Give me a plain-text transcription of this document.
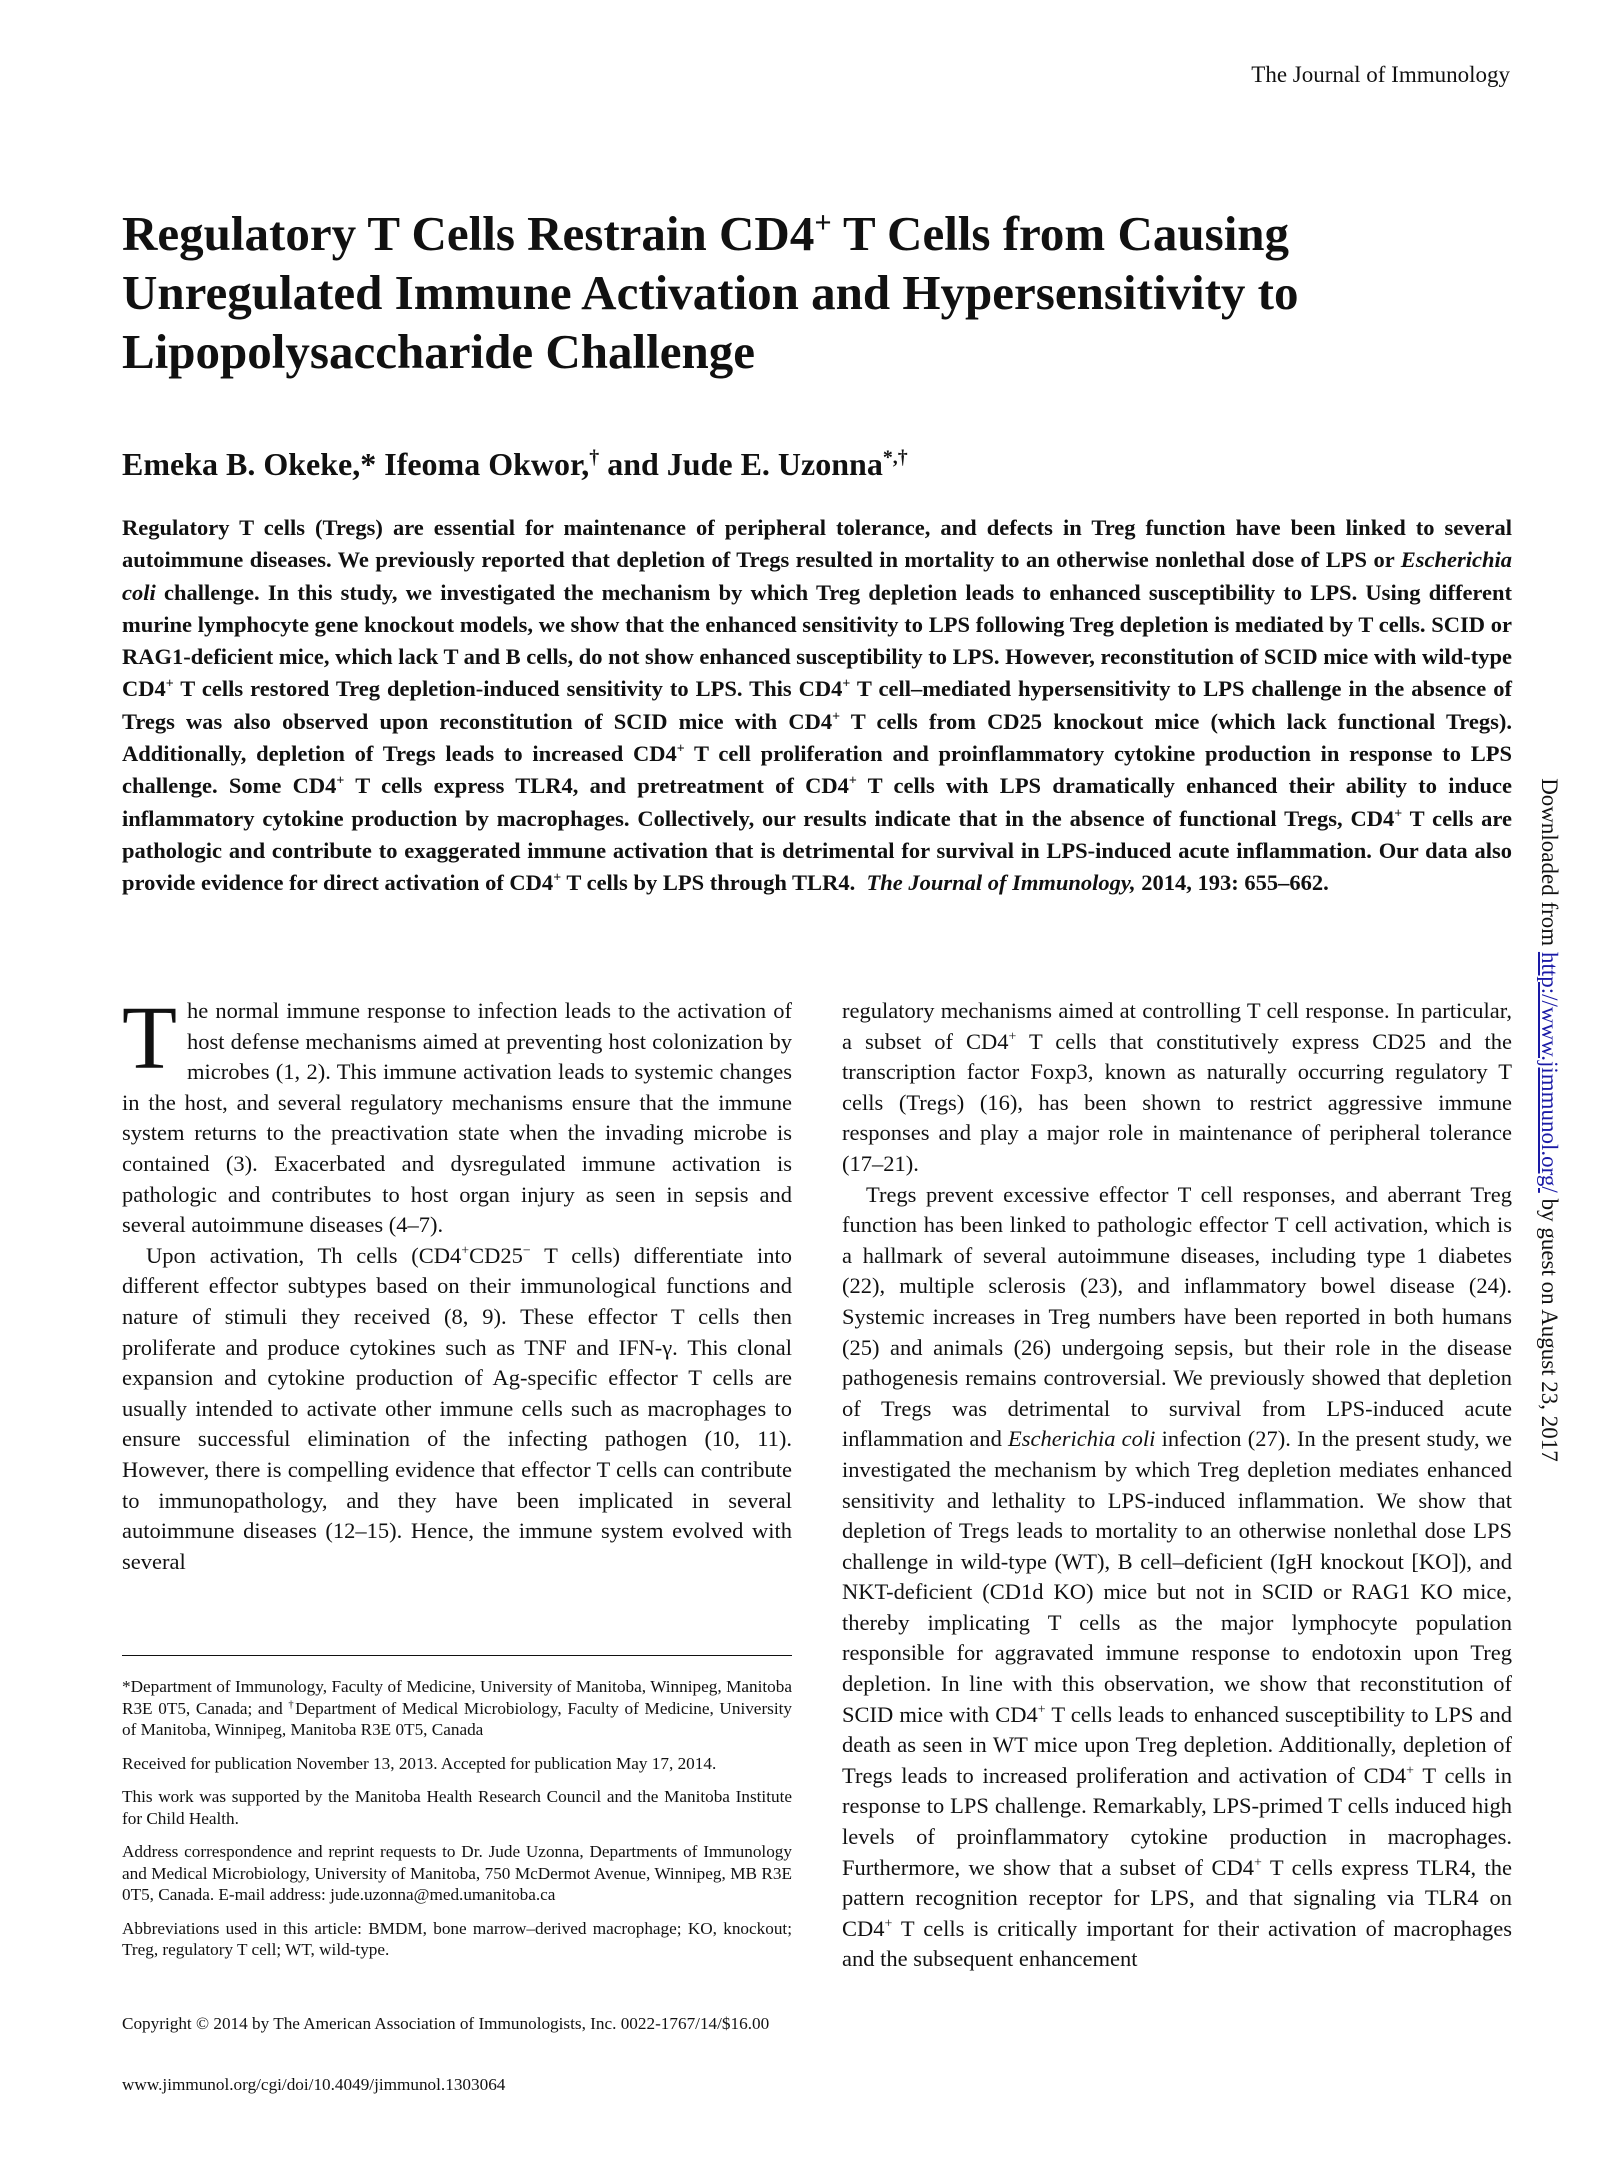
The Journal of Immunology
Regulatory T Cells Restrain CD4+ T Cells from Causing
Unregulated Immune Activation and Hypersensitivity to
Lipopolysaccharide Challenge
Emeka B. Okeke,* Ifeoma Okwor,† and Jude E. Uzonna*,†
Regulatory T cells (Tregs) are essential for maintenance of peripheral tolerance, and defects in Treg function have been linked to several autoimmune diseases. We previously reported that depletion of Tregs resulted in mortality to an otherwise nonlethal dose of LPS or Escherichia coli challenge. In this study, we investigated the mechanism by which Treg depletion leads to enhanced susceptibility to LPS. Using different murine lymphocyte gene knockout models, we show that the enhanced sensitivity to LPS following Treg depletion is mediated by T cells. SCID or RAG1-deficient mice, which lack T and B cells, do not show enhanced susceptibility to LPS. However, reconstitution of SCID mice with wild-type CD4+ T cells restored Treg depletion-induced sensitivity to LPS. This CD4+ T cell–mediated hypersensitivity to LPS challenge in the absence of Tregs was also observed upon reconstitution of SCID mice with CD4+ T cells from CD25 knockout mice (which lack functional Tregs). Additionally, depletion of Tregs leads to increased CD4+ T cell proliferation and proinflammatory cytokine production in response to LPS challenge. Some CD4+ T cells express TLR4, and pretreatment of CD4+ T cells with LPS dramatically enhanced their ability to induce inflammatory cytokine production by macrophages. Collectively, our results indicate that in the absence of functional Tregs, CD4+ T cells are pathologic and contribute to exaggerated immune activation that is detrimental for survival in LPS-induced acute inflammation. Our data also provide evidence for direct activation of CD4+ T cells by LPS through TLR4. The Journal of Immunology, 2014, 193: 655–662.

The normal immune response to infection leads to the activation of host defense mechanisms aimed at preventing host colonization by microbes (1, 2). This immune activation leads to systemic changes in the host, and several regulatory mechanisms ensure that the immune system returns to the preactivation state when the invading microbe is contained (3). Exacerbated and dysregulated immune activation is pathologic and contributes to host organ injury as seen in sepsis and several autoimmune diseases (4–7).

Upon activation, Th cells (CD4+CD25− T cells) differentiate into different effector subtypes based on their immunological functions and nature of stimuli they received (8, 9). These effector T cells then proliferate and produce cytokines such as TNF and IFN-γ. This clonal expansion and cytokine production of Ag-specific effector T cells are usually intended to activate other immune cells such as macrophages to ensure successful elimination of the infecting pathogen (10, 11). However, there is compelling evidence that effector T cells can contribute to immunopathology, and they have been implicated in several autoimmune diseases (12–15). Hence, the immune system evolved with several

regulatory mechanisms aimed at controlling T cell response. In particular, a subset of CD4+ T cells that constitutively express CD25 and the transcription factor Foxp3, known as naturally occurring regulatory T cells (Tregs) (16), has been shown to restrict aggressive immune responses and play a major role in maintenance of peripheral tolerance (17–21).

Tregs prevent excessive effector T cell responses, and aberrant Treg function has been linked to pathologic effector T cell activation, which is a hallmark of several autoimmune diseases, including type 1 diabetes (22), multiple sclerosis (23), and inflammatory bowel disease (24). Systemic increases in Treg numbers have been reported in both humans (25) and animals (26) undergoing sepsis, but their role in the disease pathogenesis remains controversial. We previously showed that depletion of Tregs was detrimental to survival from LPS-induced acute inflammation and Escherichia coli infection (27). In the present study, we investigated the mechanism by which Treg depletion mediates enhanced sensitivity and lethality to LPS-induced inflammation. We show that depletion of Tregs leads to mortality to an otherwise nonlethal dose LPS challenge in wild-type (WT), B cell–deficient (IgH knockout [KO]), and NKT-deficient (CD1d KO) mice but not in SCID or RAG1 KO mice, thereby implicating T cells as the major lymphocyte population responsible for aggravated immune response to endotoxin upon Treg depletion. In line with this observation, we show that reconstitution of SCID mice with CD4+ T cells leads to enhanced susceptibility to LPS and death as seen in WT mice upon Treg depletion. Additionally, depletion of Tregs leads to increased proliferation and activation of CD4+ T cells in response to LPS challenge. Remarkably, LPS-primed T cells induced high levels of proinflammatory cytokine production in macrophages. Furthermore, we show that a subset of CD4+ T cells express TLR4, the pattern recognition receptor for LPS, and that signaling via TLR4 on CD4+ T cells is critically important for their activation of macrophages and the subsequent enhancement

*Department of Immunology, Faculty of Medicine, University of Manitoba, Winnipeg, Manitoba R3E 0T5, Canada; and †Department of Medical Microbiology, Faculty of Medicine, University of Manitoba, Winnipeg, Manitoba R3E 0T5, Canada

Received for publication November 13, 2013. Accepted for publication May 17, 2014.

This work was supported by the Manitoba Health Research Council and the Manitoba Institute for Child Health.

Address correspondence and reprint requests to Dr. Jude Uzonna, Departments of Immunology and Medical Microbiology, University of Manitoba, 750 McDermot Avenue, Winnipeg, MB R3E 0T5, Canada. E-mail address: jude.uzonna@med.umanitoba.ca

Abbreviations used in this article: BMDM, bone marrow–derived macrophage; KO, knockout; Treg, regulatory T cell; WT, wild-type.

Copyright © 2014 by The American Association of Immunologists, Inc. 0022-1767/14/$16.00
www.jimmunol.org/cgi/doi/10.4049/jimmunol.1303064
Downloaded from http://www.jimmunol.org/ by guest on August 23, 2017
